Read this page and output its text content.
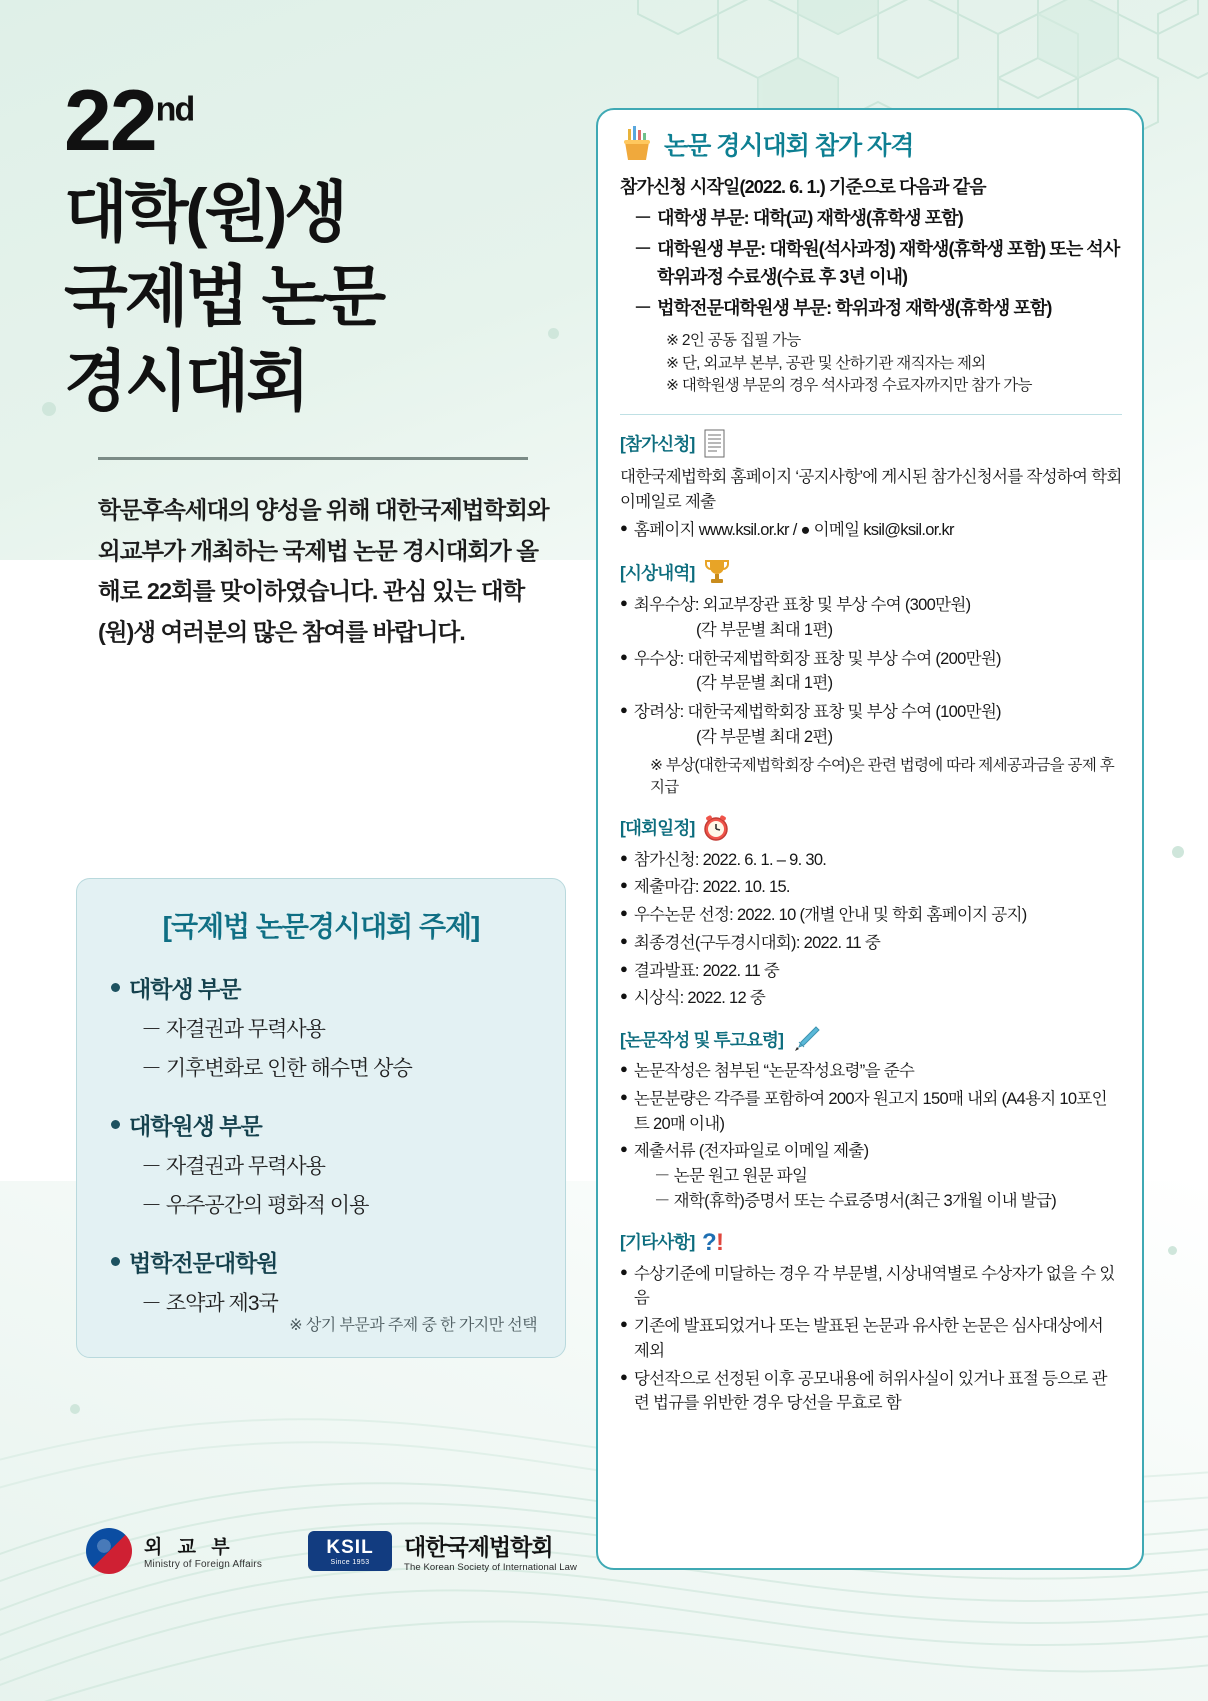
22nd
대학(원)생
국제법 논문
경시대회
학문후속세대의 양성을 위해 대한국제법학회와 외교부가 개최하는 국제법 논문 경시대회가 올해로 22회를 맞이하였습니다. 관심 있는 대학(원)생 여러분의 많은 참여를 바랍니다.
[국제법 논문경시대회 주제]
대학생 부문
－ 자결권과 무력사용
－ 기후변화로 인한 해수면 상승
대학원생 부문
－ 자결권과 무력사용
－ 우주공간의 평화적 이용
법학전문대학원
－ 조약과 제3국
※ 상기 부문과 주제 중 한 가지만 선택
외 교 부
Ministry of Foreign Affairs
KSIL
Since 1953
대한국제법학회
The Korean Society of International Law
논문 경시대회 참가 자격
참가신청 시작일(2022. 6. 1.) 기준으로 다음과 같음
－ 대학생 부문: 대학(교) 재학생(휴학생 포함)
－ 대학원생 부문: 대학원(석사과정) 재학생(휴학생 포함) 또는 석사학위과정 수료생(수료 후 3년 이내)
－ 법학전문대학원생 부문: 학위과정 재학생(휴학생 포함)
※ 2인 공동 집필 가능
※ 단, 외교부 본부, 공관 및 산하기관 재직자는 제외
※ 대학원생 부문의 경우 석사과정 수료자까지만 참가 가능
[참가신청]
대한국제법학회 홈페이지 ‘공지사항’에 게시된 참가신청서를 작성하여 학회 이메일로 제출
● 홈페이지 www.ksil.or.kr / ● 이메일 ksil@ksil.or.kr
[시상내역]
● 최우수상: 외교부장관 표창 및 부상 수여 (300만원)
(각 부문별 최대 1편)
● 우수상: 대한국제법학회장 표창 및 부상 수여 (200만원)
(각 부문별 최대 1편)
● 장려상: 대한국제법학회장 표창 및 부상 수여 (100만원)
(각 부문별 최대 2편)
※ 부상(대한국제법학회장 수여)은 관련 법령에 따라 제세공과금을 공제 후 지급
[대회일정]
● 참가신청: 2022. 6. 1. – 9. 30.
● 제출마감: 2022. 10. 15.
● 우수논문 선정: 2022. 10 (개별 안내 및 학회 홈페이지 공지)
● 최종경선(구두경시대회): 2022. 11 중
● 결과발표: 2022. 11 중
● 시상식: 2022. 12 중
[논문작성 및 투고요령]
● 논문작성은 첨부된 “논문작성요령”을 준수
● 논문분량은 각주를 포함하여 200자 원고지 150매 내외 (A4용지 10포인트 20매 이내)
● 제출서류 (전자파일로 이메일 제출)
－ 논문 원고 원문 파일
－ 재학(휴학)증명서 또는 수료증명서(최근 3개월 이내 발급)
[기타사항] ? !
● 수상기준에 미달하는 경우 각 부문별, 시상내역별로 수상자가 없을 수 있음
● 기존에 발표되었거나 또는 발표된 논문과 유사한 논문은 심사대상에서 제외
● 당선작으로 선정된 이후 공모내용에 허위사실이 있거나 표절 등으로 관련 법규를 위반한 경우 당선을 무효로 함
